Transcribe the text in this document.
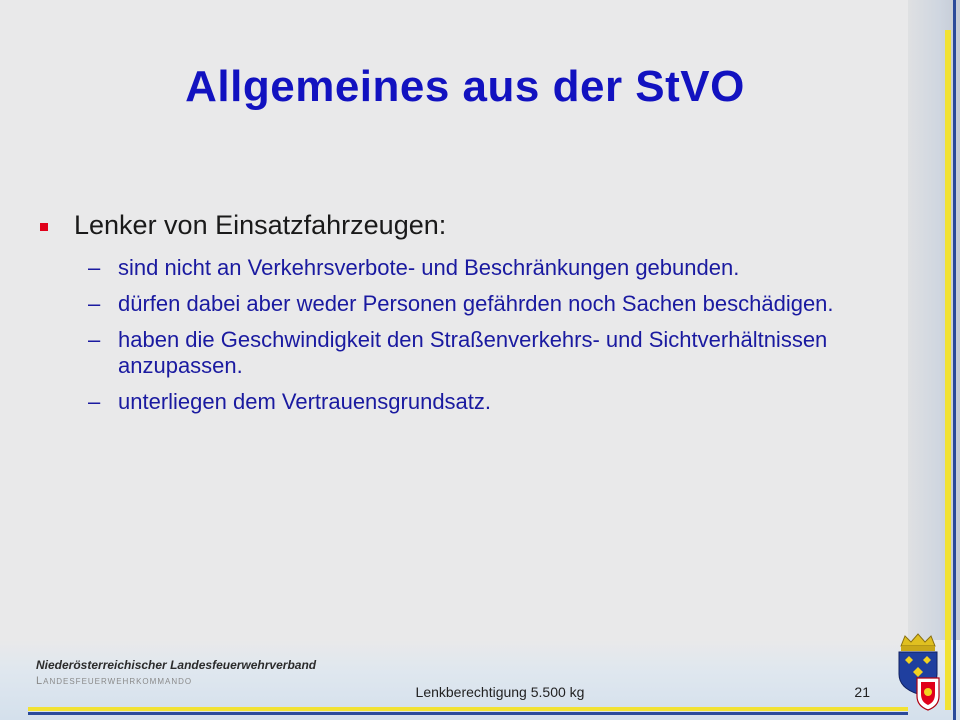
Allgemeines aus der StVO
Lenker von Einsatzfahrzeugen:
– sind nicht an Verkehrsverbote- und Beschränkungen gebunden.
– dürfen dabei aber weder Personen gefährden noch Sachen beschädigen.
– haben die Geschwindigkeit den Straßenverkehrs- und Sichtverhältnissen anzupassen.
– unterliegen dem Vertrauensgrundsatz.
Niederösterreichischer Landesfeuerwehrverband
Landesfeuerwehrkommando
Lenkberechtigung 5.500 kg	21
